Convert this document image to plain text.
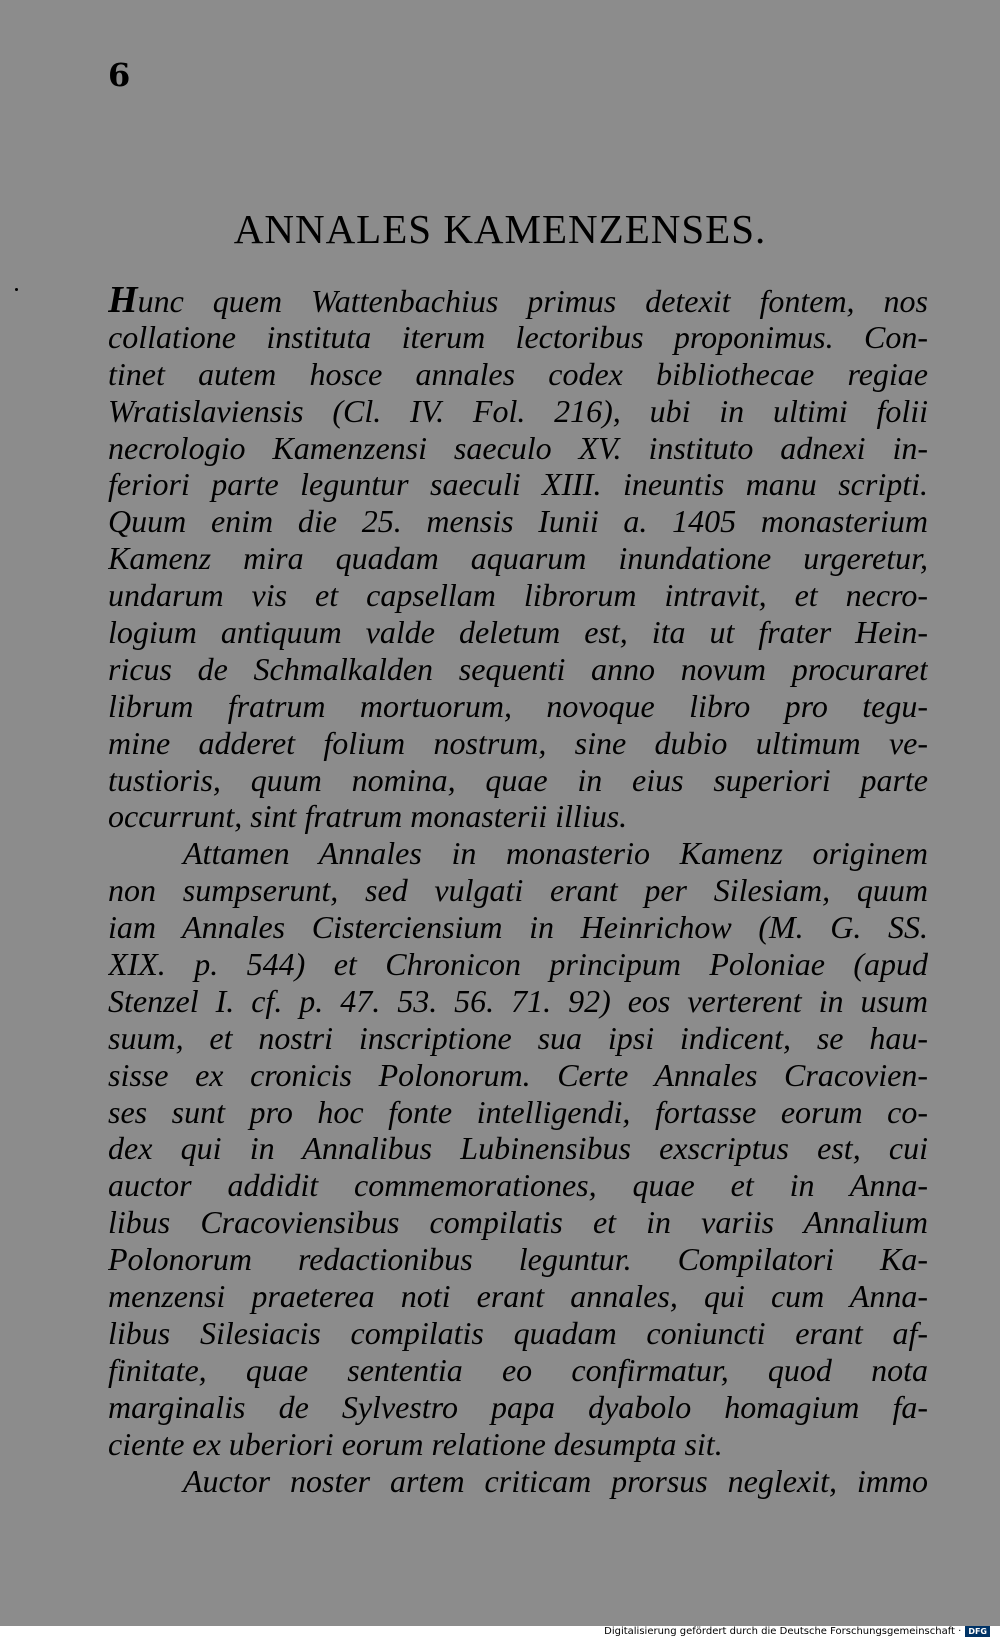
6
ANNALES KAMENZENSES.
Hunc quem Wattenbachius primus detexit fontem, nos
collatione instituta iterum lectoribus proponimus. Con-
tinet autem hosce annales codex bibliothecae regiae
Wratislaviensis (Cl. IV. Fol. 216), ubi in ultimi folii
necrologio Kamenzensi saeculo XV. instituto adnexi in-
feriori parte leguntur saeculi XIII. ineuntis manu scripti.
Quum enim die 25. mensis Iunii a. 1405 monasterium
Kamenz mira quadam aquarum inundatione urgeretur,
undarum vis et capsellam librorum intravit, et necro-
logium antiquum valde deletum est, ita ut frater Hein-
ricus de Schmalkalden sequenti anno novum procuraret
librum fratrum mortuorum, novoque libro pro tegu-
mine adderet folium nostrum, sine dubio ultimum ve-
tustioris, quum nomina, quae in eius superiori parte
occurrunt, sint fratrum monasterii illius.
Attamen Annales in monasterio Kamenz originem
non sumpserunt, sed vulgati erant per Silesiam, quum
iam Annales Cisterciensium in Heinrichow (M. G. SS.
XIX. p. 544) et Chronicon principum Poloniae (apud
Stenzel I. cf. p. 47. 53. 56. 71. 92) eos verterent in usum
suum, et nostri inscriptione sua ipsi indicent, se hau-
sisse ex cronicis Polonorum. Certe Annales Cracovien-
ses sunt pro hoc fonte intelligendi, fortasse eorum co-
dex qui in Annalibus Lubinensibus exscriptus est, cui
auctor addidit commemorationes, quae et in Anna-
libus Cracoviensibus compilatis et in variis Annalium
Polonorum redactionibus leguntur. Compilatori Ka-
menzensi praeterea noti erant annales, qui cum Anna-
libus Silesiacis compilatis quadam coniuncti erant af-
finitate, quae sententia eo confirmatur, quod nota
marginalis de Sylvestro papa dyabolo homagium fa-
ciente ex uberiori eorum relatione desumpta sit.
Auctor noster artem criticam prorsus neglexit, immo
Digitalisierung gefördert durch die Deutsche Forschungsgemeinschaft · DFG
